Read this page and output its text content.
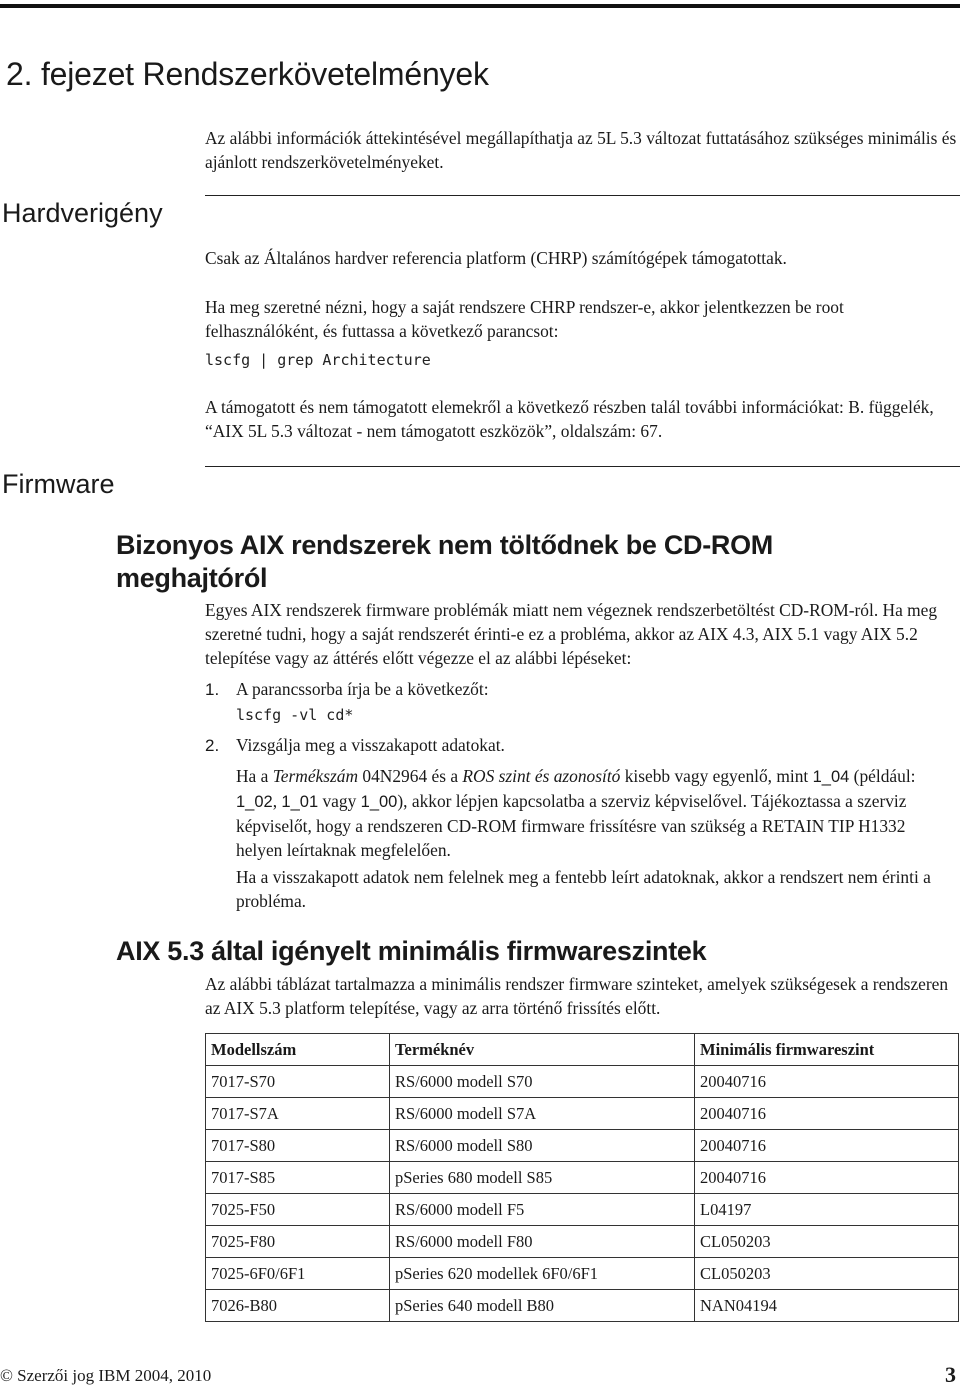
2. fejezet Rendszerkövetelmények

Az alábbi információk áttekintésével megállapíthatja az 5L 5.3 változat futtatásához szükséges minimális és ajánlott rendszerkövetelményeket.

Hardverigény

Csak az Általános hardver referencia platform (CHRP) számítógépek támogatottak.

Ha meg szeretné nézni, hogy a saját rendszere CHRP rendszer-e, akkor jelentkezzen be root felhasználóként, és futtassa a következő parancsot:

lscfg | grep Architecture

A támogatott és nem támogatott elemekről a következő részben talál további információkat: B. függelék, “AIX 5L 5.3 változat - nem támogatott eszközök”, oldalszám: 67.

Firmware
Bizonyos AIX rendszerek nem töltődnek be CD-ROM meghajtóról

Egyes AIX rendszerek firmware problémák miatt nem végeznek rendszerbetöltést CD-ROM-ról. Ha meg szeretné tudni, hogy a saját rendszerét érinti-e ez a probléma, akkor az AIX 4.3, AIX 5.1 vagy AIX 5.2 telepítése vagy az áttérés előtt végezze el az alábbi lépéseket:

1. A parancssorba írja be a következőt:
lscfg -vl cd*
2. Vizsgálja meg a visszakapott adatokat.

Ha a Termékszám 04N2964 és a ROS szint és azonosító kisebb vagy egyenlő, mint 1_04 (például: 1_02, 1_01 vagy 1_00), akkor lépjen kapcsolatba a szerviz képviselővel. Tájékoztassa a szerviz képviselőt, hogy a rendszeren CD-ROM firmware frissítésre van szükség a RETAIN TIP H1332 helyen leírtaknak megfelelően.

Ha a visszakapott adatok nem felelnek meg a fentebb leírt adatoknak, akkor a rendszert nem érinti a probléma.

AIX 5.3 által igényelt minimális firmwareszintek

Az alábbi táblázat tartalmazza a minimális rendszer firmware szinteket, amelyek szükségesek a rendszeren az AIX 5.3 platform telepítése, vagy az arra történő frissítés előtt.

Modellszám	Terméknév	Minimális firmwareszint
7017-S70	RS/6000 modell S70	20040716
7017-S7A	RS/6000 modell S7A	20040716
7017-S80	RS/6000 modell S80	20040716
7017-S85	pSeries 680 modell S85	20040716
7025-F50	RS/6000 modell F5	L04197
7025-F80	RS/6000 modell F80	CL050203
7025-6F0/6F1	pSeries 620 modellek 6F0/6F1	CL050203
7026-B80	pSeries 640 modell B80	NAN04194
© Szerzői jog IBM 2004, 2010	3
